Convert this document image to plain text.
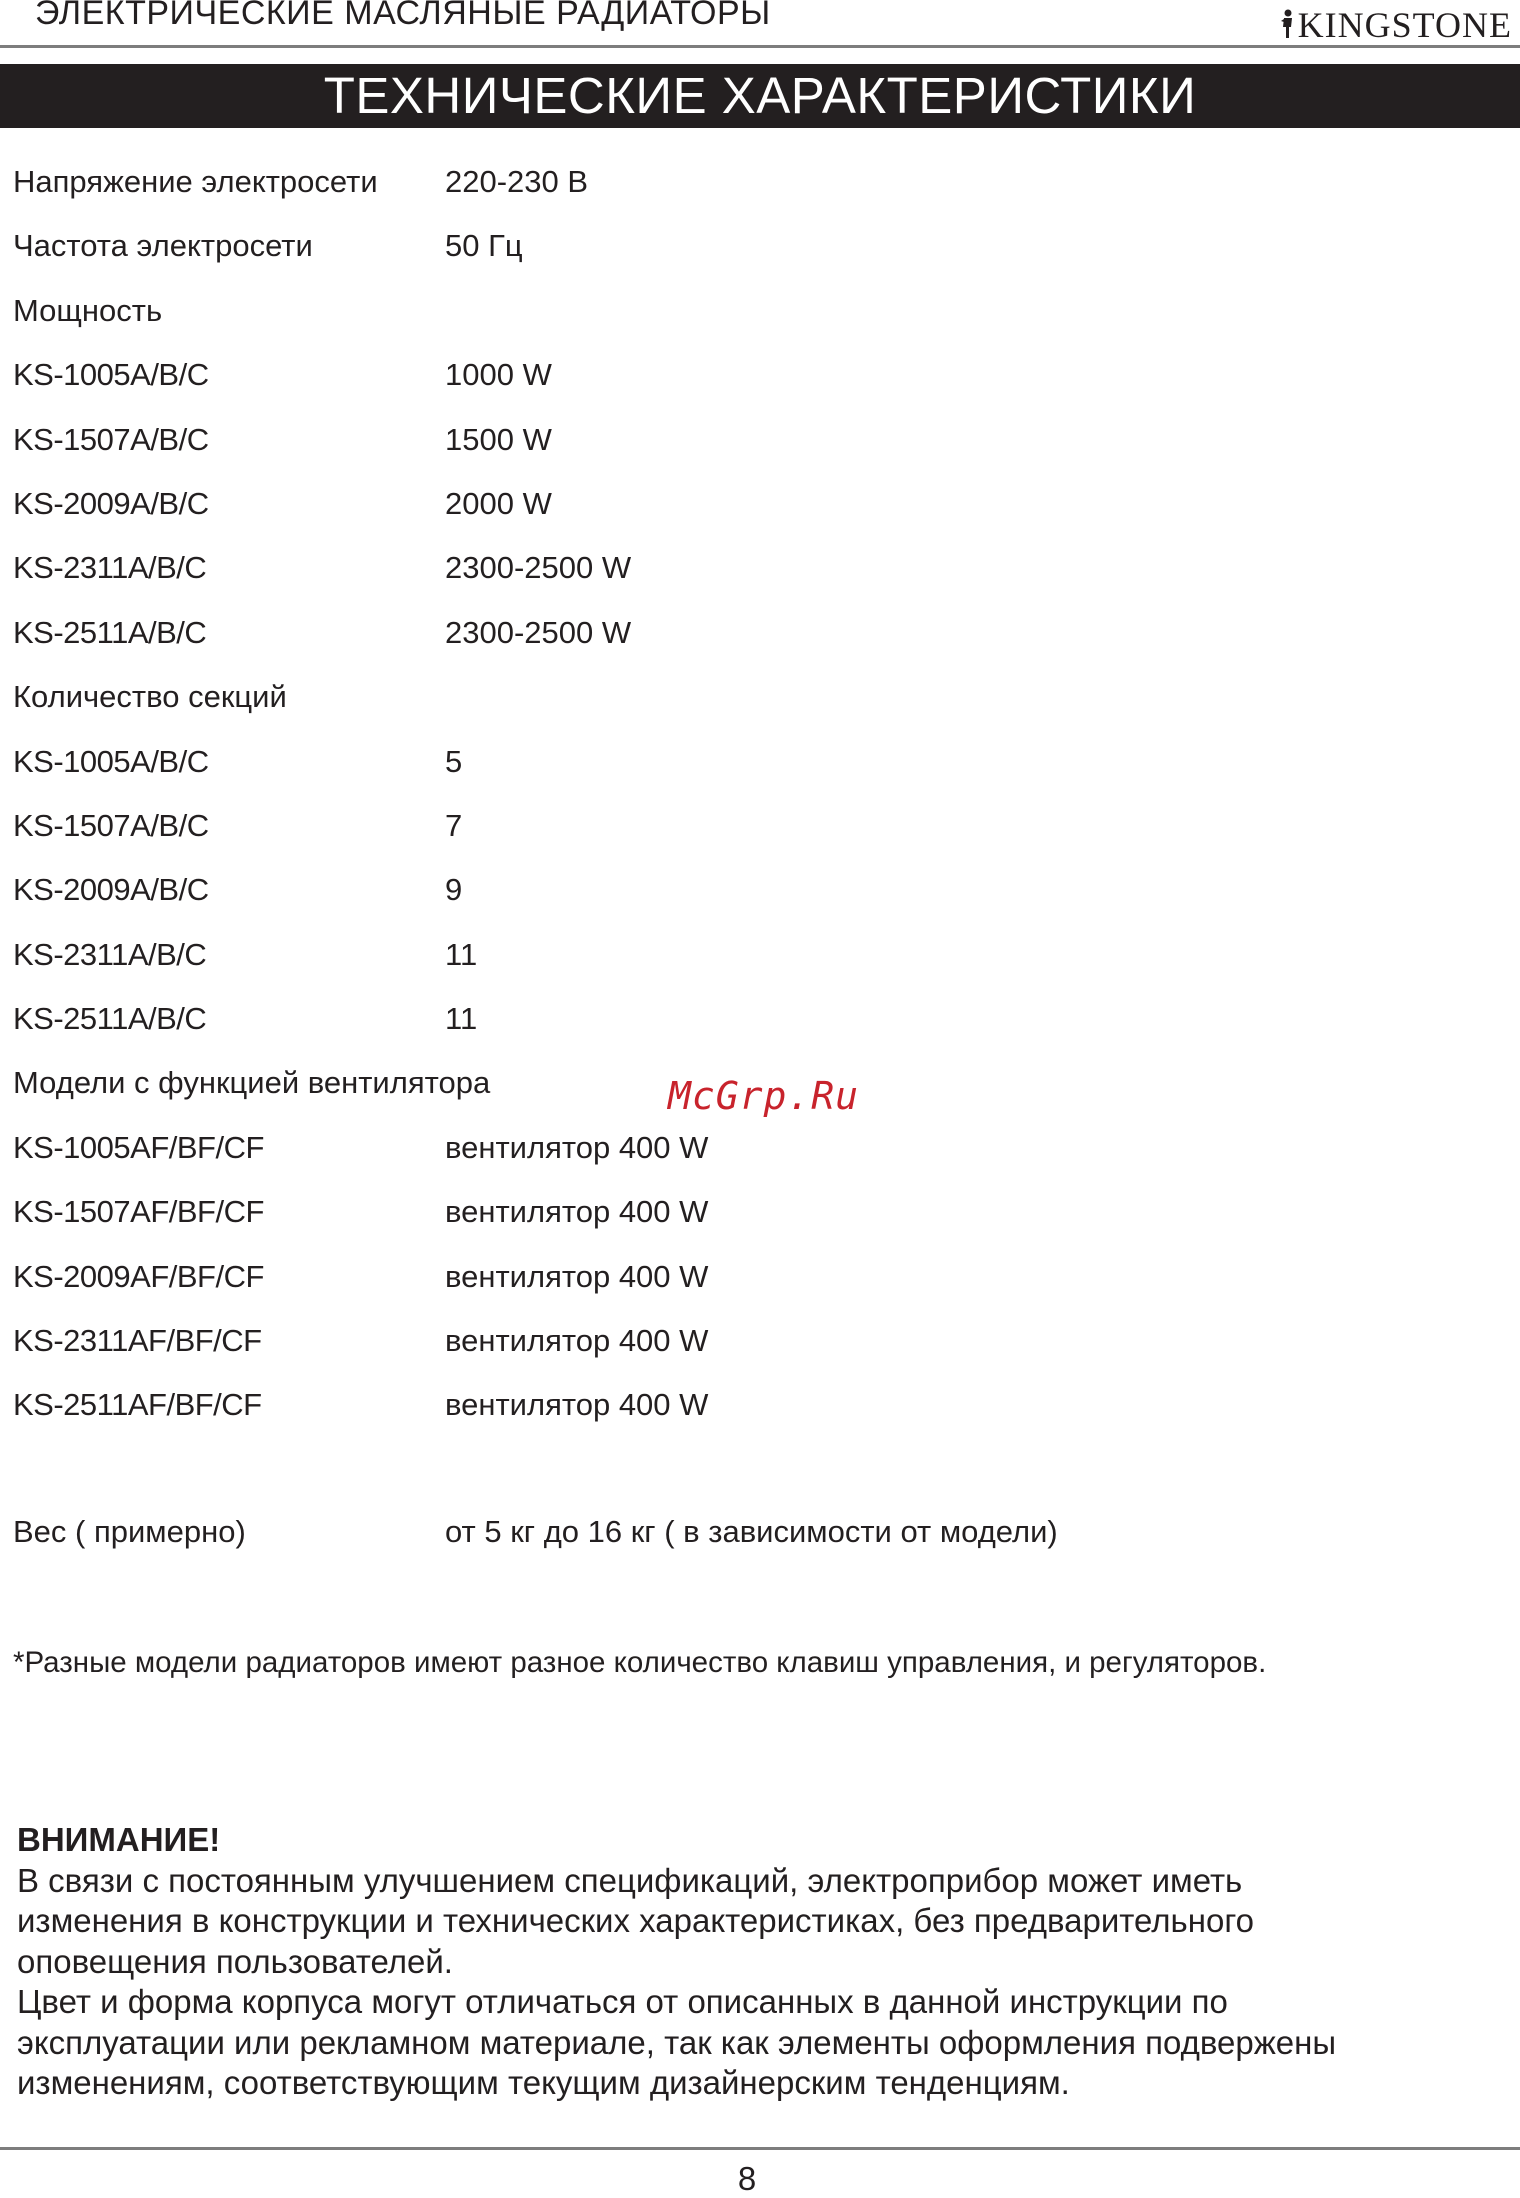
ЭЛЕКТРИЧЕСКИЕ МАСЛЯНЫЕ РАДИАТОРЫ	KINGSTONE
ТЕХНИЧЕСКИЕ ХАРАКТЕРИСТИКИ
Напряжение электросети 220-230 В
Частота электросети	50 Гц
Мощность
KS-1005A/B/C	1000 W
KS-1507A/B/C	1500 W
KS-2009A/B/C	2000 W
KS-2311A/B/C	2300-2500 W
KS-2511A/B/C	2300-2500 W
Количество секций
KS-1005A/B/C	5
KS-1507A/B/C	7
KS-2009A/B/C	9
KS-2311A/B/C	11
KS-2511A/B/C	11
Модели с функцией вентилятора
KS-1005AF/BF/CF	вентилятор 400 W
KS-1507AF/BF/CF	вентилятор 400 W
KS-2009AF/BF/CF	вентилятор 400 W
KS-2311AF/BF/CF	вентилятор 400 W
KS-2511AF/BF/CF	вентилятор 400 W
Вес ( примерно)	от 5 кг до 16 кг ( в зависимости от модели)
*Разные модели радиаторов имеют разное количество клавиш управления, и регуляторов.
ВНИМАНИЕ!
В связи с постоянным улучшением спецификаций, электроприбор может иметь
изменения в конструкции и технических характеристиках, без предварительного
оповещения пользователей.
Цвет и форма корпуса могут отличаться от описанных в данной инструкции по
эксплуатации или рекламном материале, так как элементы оформления подвержены
изменениям, соответствующим текущим дизайнерским тенденциям.
McGrp.Ru
8
